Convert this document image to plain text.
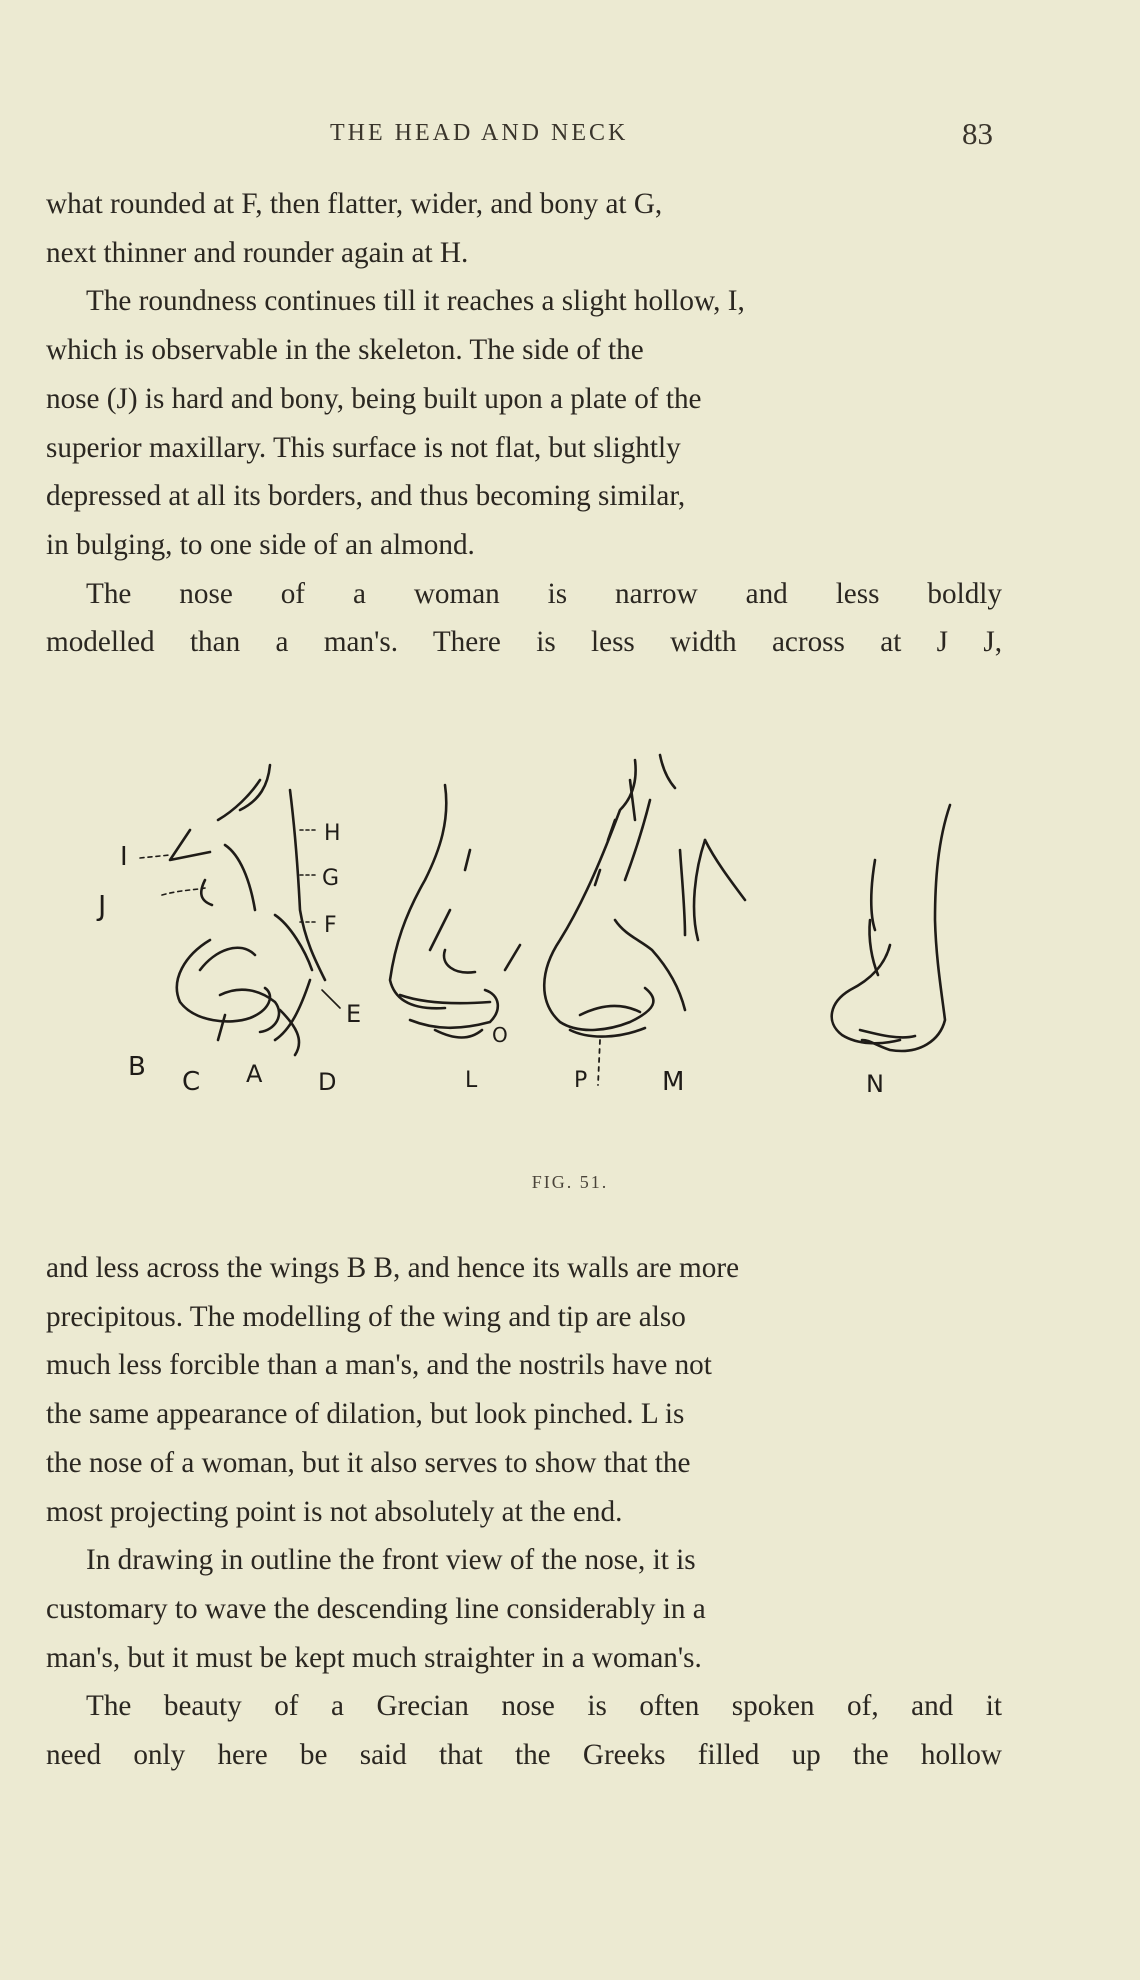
THE HEAD AND NECK	83

what rounded at F, then flatter, wider, and bony at G,
next thinner and rounder again at H.

The roundness continues till it reaches a slight hollow, I,
which is observable in the skeleton. The side of the
nose (J) is hard and bony, being built upon a plate of the
superior maxillary. This surface is not flat, but slightly
depressed at all its borders, and thus becoming similar,
in bulging, to one side of an almond.

The nose of a woman is narrow and less boldly
modelled than a man's. There is less width across at J J,

I
J
H
G
F
E
B C A D
O
L	P	M	N
FIG. 51.

and less across the wings B B, and hence its walls are more
precipitous. The modelling of the wing and tip are also
much less forcible than a man's, and the nostrils have not
the same appearance of dilation, but look pinched. L is
the nose of a woman, but it also serves to show that the
most projecting point is not absolutely at the end.

In drawing in outline the front view of the nose, it is
customary to wave the descending line considerably in a
man's, but it must be kept much straighter in a woman's.

The beauty of a Grecian nose is often spoken of, and it
need only here be said that the Greeks filled up the hollow
